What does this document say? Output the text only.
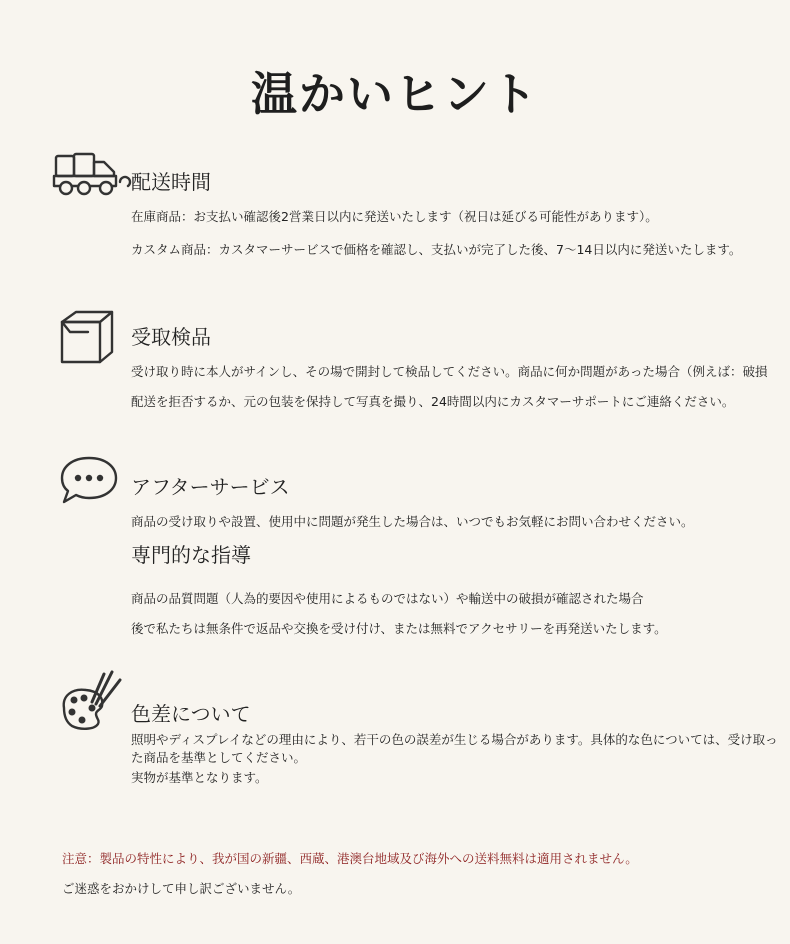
温かいヒント
配送時間
在庫商品：お支払い確認後2営業日以内に発送いたします（祝日は延びる可能性があります）。
カスタム商品：カスタマーサービスで価格を確認し、支払いが完了した後、7～14日以内に発送いたします。
受取検品
受け取り時に本人がサインし、その場で開封して検品してください。商品に何か問題があった場合（例えば：破損
配送を拒否するか、元の包装を保持して写真を撮り、24時間以内にカスタマーサポートにご連絡ください。
アフターサービス
商品の受け取りや設置、使用中に問題が発生した場合は、いつでもお気軽にお問い合わせください。
専門的な指導
商品の品質問題（人為的要因や使用によるものではない）や輸送中の破損が確認された場合
後で私たちは無条件で返品や交換を受け付け、または無料でアクセサリーを再発送いたします。
色差について
照明やディスプレイなどの理由により、若干の色の誤差が生じる場合があります。具体的な色については、受け取った商品を基準としてください。
実物が基準となります。
注意：製品の特性により、我が国の新疆、西蔵、港澳台地域及び海外への送料無料は適用されません。
ご迷惑をおかけして申し訳ございません。
